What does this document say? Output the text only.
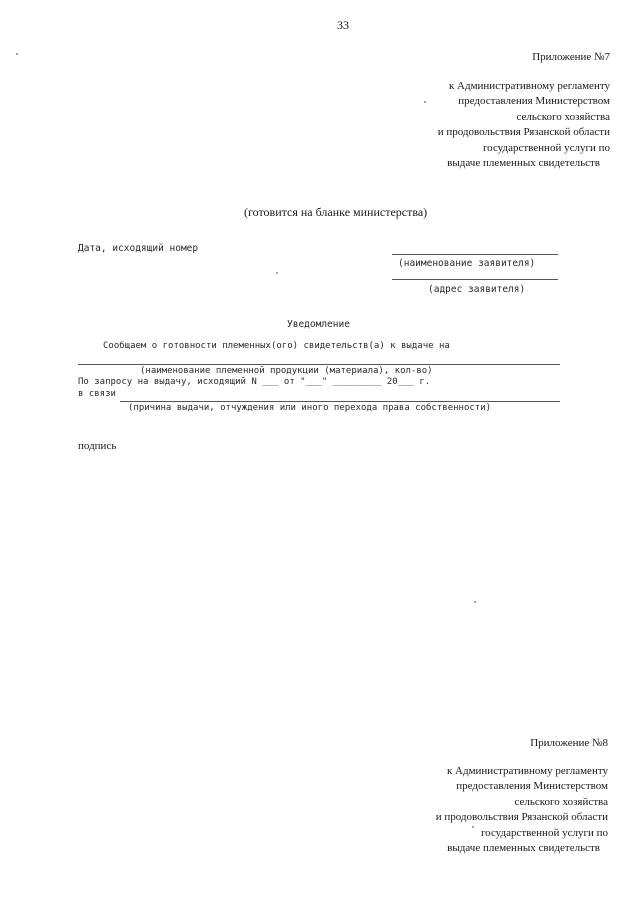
33
Приложение №7
к Административному регламенту
предоставления Министерством
сельского хозяйства
и продовольствия Рязанской области
государственной услуги по
выдаче племенных свидетельств
(готовится на бланке министерства)
Дата, исходящий номер
(наименование заявителя)
(адрес заявителя)
Уведомление
Сообщаем о готовности племенных(ого) свидетельств(а) к выдаче на
(наименование племенной продукции (материала), кол-во)
По запросу на выдачу, исходящий N ___ от "___" _________ 20___ г.
в связи
(причина выдачи, отчуждения или иного перехода права собственности)
подпись
Приложение №8
к Административному регламенту
предоставления Министерством
сельского хозяйства
и продовольствия Рязанской области
государственной услуги по
выдаче племенных свидетельств
